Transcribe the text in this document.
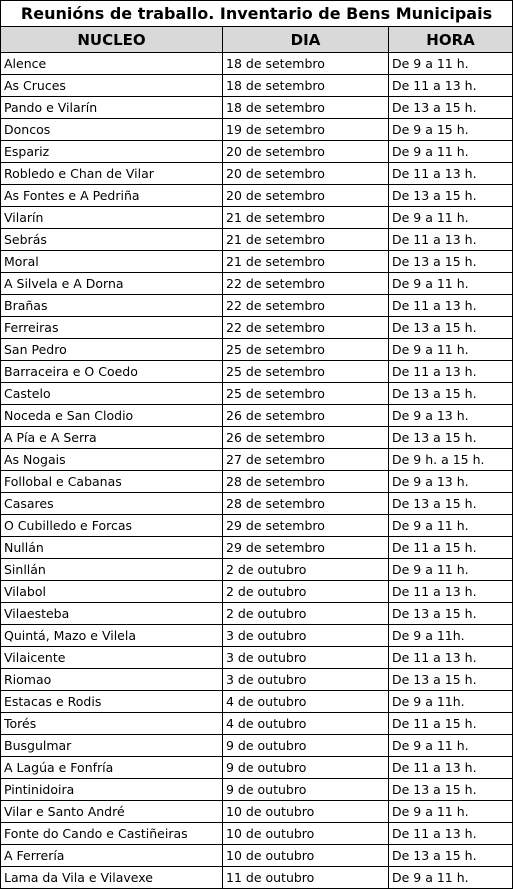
Reunións de traballo. Inventario de Bens Municipais		
NUCLEO	DIA	HORA
Alence	18 de setembro	De 9 a 11 h.
As Cruces	18 de setembro	De 11 a 13 h.
Pando e Vilarín	18 de setembro	De 13 a 15 h.
Doncos	19 de setembro	De 9 a 15 h.
Espariz	20 de setembro	De 9 a 11 h.
Robledo e Chan de Vilar	20 de setembro	De 11 a 13 h.
As Fontes e A Pedriña	20 de setembro	De 13 a 15 h.
Vilarín	21 de setembro	De 9 a 11 h.
Sebrás	21 de setembro	De 11 a 13 h.
Moral	21 de setembro	De 13 a 15 h.
A Silvela e A Dorna	22 de setembro	De 9 a 11 h.
Brañas	22 de setembro	De 11 a 13 h.
Ferreiras	22 de setembro	De 13 a 15 h.
San Pedro	25 de setembro	De 9 a 11 h.
Barraceira e O Coedo	25 de setembro	De 11 a 13 h.
Castelo	25 de setembro	De 13 a 15 h.
Noceda e San Clodio	26 de setembro	De 9 a 13 h.
A Pía e A Serra	26 de setembro	De 13 a 15 h.
As Nogais	27 de setembro	De 9 h. a 15 h.
Follobal e Cabanas	28 de setembro	De 9 a 13 h.
Casares	28 de setembro	De 13 a 15 h.
O Cubilledo e Forcas	29 de setembro	De 9 a 11 h.
Nullán	29 de setembro	De 11 a 15 h.
Sinllán	2 de outubro	De 9 a 11 h.
Vilabol	2 de outubro	De 11 a 13 h.
Vilaesteba	2 de outubro	De 13 a 15 h.
Quintá, Mazo e Vilela	3 de outubro	De 9 a 11h.
Vilaicente	3 de outubro	De 11 a 13 h.
Riomao	3 de outubro	De 13 a 15 h.
Estacas e Rodis	4 de outubro	De 9 a 11h.
Torés	4 de outubro	De 11 a 15 h.
Busgulmar	9 de outubro	De 9 a 11 h.
A Lagúa e Fonfría	9 de outubro	De 11 a 13 h.
Pintinidoira	9 de outubro	De 13 a 15 h.
Vilar e Santo André	10 de outubro	De 9 a 11 h.
Fonte do Cando e Castiñeiras	10 de outubro	De 11 a 13 h.
A Ferrería	10 de outubro	De 13 a 15 h.
Lama da Vila e Vilavexe	11 de outubro	De 9 a 11 h.
